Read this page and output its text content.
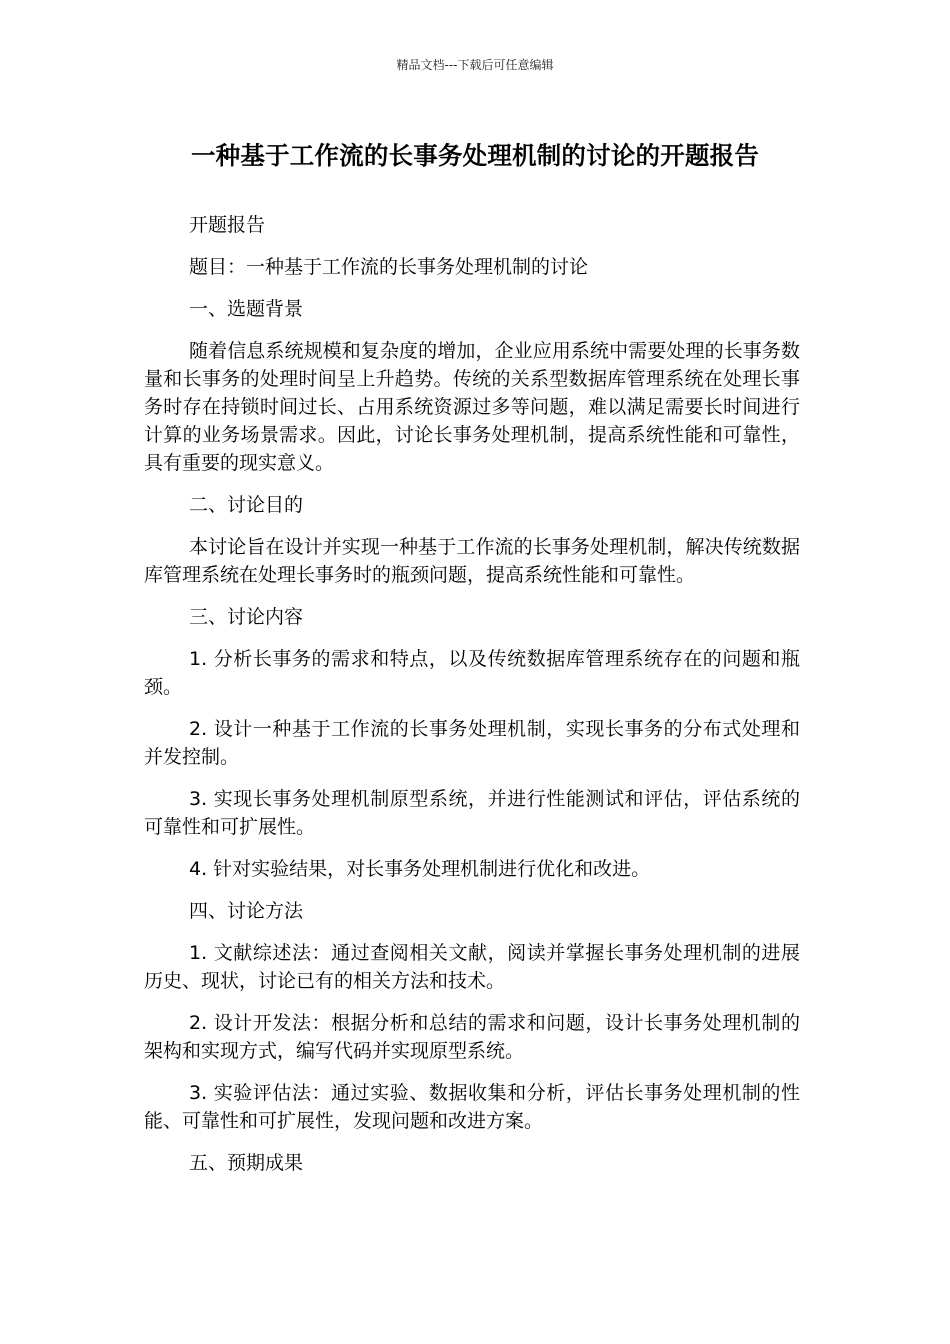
精品文档---下载后可任意编辑
一种基于工作流的长事务处理机制的讨论的开题报告

开题报告

题目：一种基于工作流的长事务处理机制的讨论

一、选题背景

随着信息系统规模和复杂度的增加，企业应用系统中需要处理的长事务数量和长事务的处理时间呈上升趋势。传统的关系型数据库管理系统在处理长事务时存在持锁时间过长、占用系统资源过多等问题，难以满足需要长时间进行计算的业务场景需求。因此，讨论长事务处理机制，提高系统性能和可靠性，具有重要的现实意义。

二、讨论目的

本讨论旨在设计并实现一种基于工作流的长事务处理机制，解决传统数据库管理系统在处理长事务时的瓶颈问题，提高系统性能和可靠性。

三、讨论内容

1. 分析长事务的需求和特点，以及传统数据库管理系统存在的问题和瓶颈。

2. 设计一种基于工作流的长事务处理机制，实现长事务的分布式处理和并发控制。

3. 实现长事务处理机制原型系统，并进行性能测试和评估，评估系统的可靠性和可扩展性。

4. 针对实验结果，对长事务处理机制进行优化和改进。

四、讨论方法

1. 文献综述法：通过查阅相关文献，阅读并掌握长事务处理机制的进展历史、现状，讨论已有的相关方法和技术。

2. 设计开发法：根据分析和总结的需求和问题，设计长事务处理机制的架构和实现方式，编写代码并实现原型系统。

3. 实验评估法：通过实验、数据收集和分析，评估长事务处理机制的性能、可靠性和可扩展性，发现问题和改进方案。

五、预期成果
